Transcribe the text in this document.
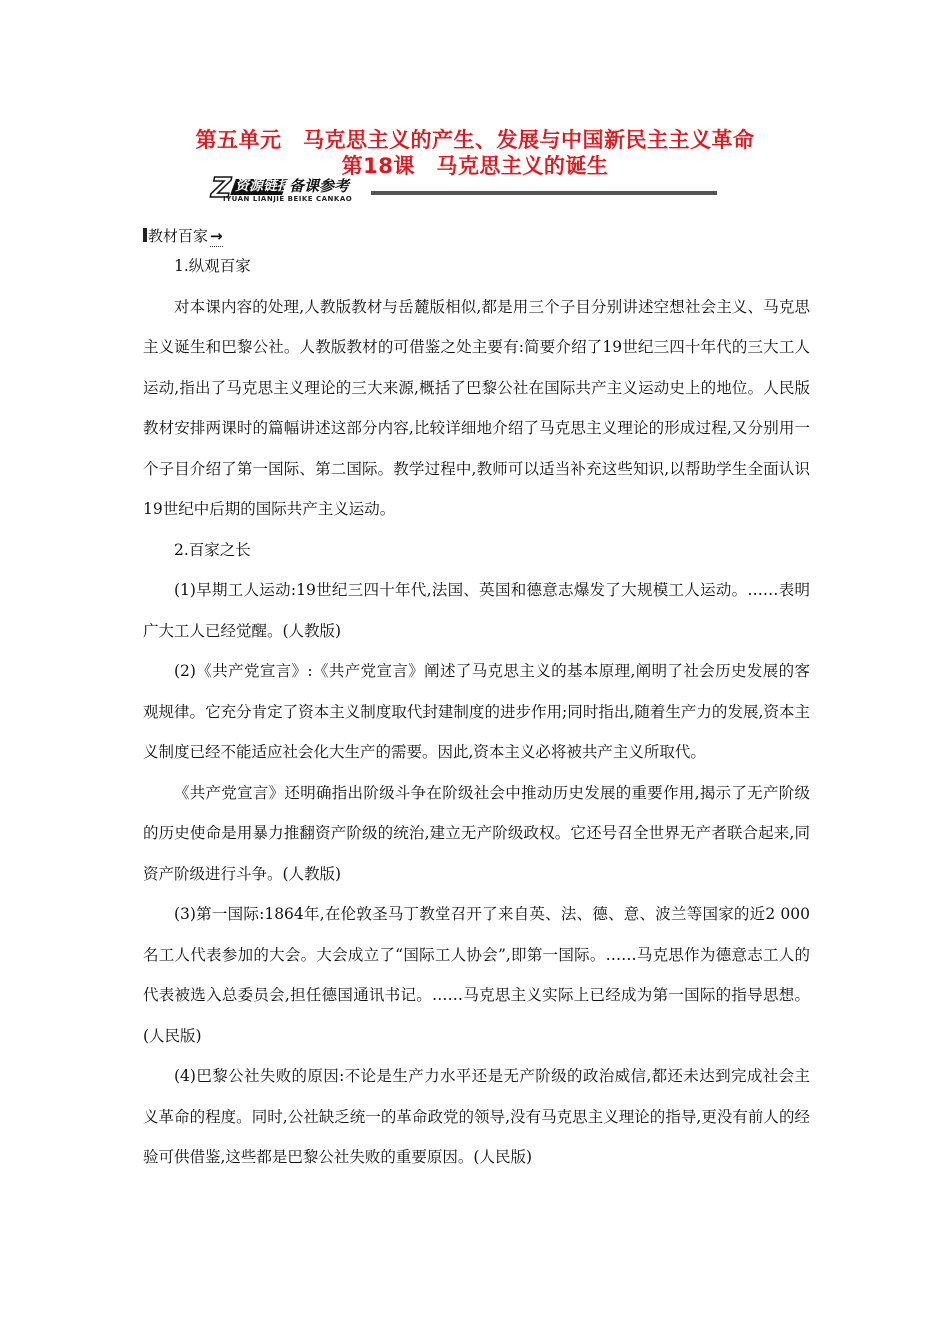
第五单元　马克思主义的产生、发展与中国新民主主义革命
第18课　马克思主义的诞生
Z 资源链接
备课参考
IYUAN LIANJIE BEIKE CANKAO
教材百家 →

1.纵观百家

对本课内容的处理,人教版教材与岳麓版相似,都是用三个子目分别讲述空想社会主义、马克思主义诞生和巴黎公社。人教版教材的可借鉴之处主要有:简要介绍了19世纪三四十年代的三大工人运动,指出了马克思主义理论的三大来源,概括了巴黎公社在国际共产主义运动史上的地位。人民版教材安排两课时的篇幅讲述这部分内容,比较详细地介绍了马克思主义理论的形成过程,又分别用一个子目介绍了第一国际、第二国际。教学过程中,教师可以适当补充这些知识,以帮助学生全面认识19世纪中后期的国际共产主义运动。

2.百家之长

(1)早期工人运动:19世纪三四十年代,法国、英国和德意志爆发了大规模工人运动。……表明广大工人已经觉醒。(人教版)

(2)《共产党宣言》:《共产党宣言》阐述了马克思主义的基本原理,阐明了社会历史发展的客观规律。它充分肯定了资本主义制度取代封建制度的进步作用;同时指出,随着生产力的发展,资本主义制度已经不能适应社会化大生产的需要。因此,资本主义必将被共产主义所取代。

《共产党宣言》还明确指出阶级斗争在阶级社会中推动历史发展的重要作用,揭示了无产阶级的历史使命是用暴力推翻资产阶级的统治,建立无产阶级政权。它还号召全世界无产者联合起来,同资产阶级进行斗争。(人教版)

(3)第一国际:1864年,在伦敦圣马丁教堂召开了来自英、法、德、意、波兰等国家的近2 000名工人代表参加的大会。大会成立了“国际工人协会”,即第一国际。……马克思作为德意志工人的代表被选入总委员会,担任德国通讯书记。……马克思主义实际上已经成为第一国际的指导思想。(人民版)

(4)巴黎公社失败的原因:不论是生产力水平还是无产阶级的政治威信,都还未达到完成社会主义革命的程度。同时,公社缺乏统一的革命政党的领导,没有马克思主义理论的指导,更没有前人的经验可供借鉴,这些都是巴黎公社失败的重要原因。(人民版)
